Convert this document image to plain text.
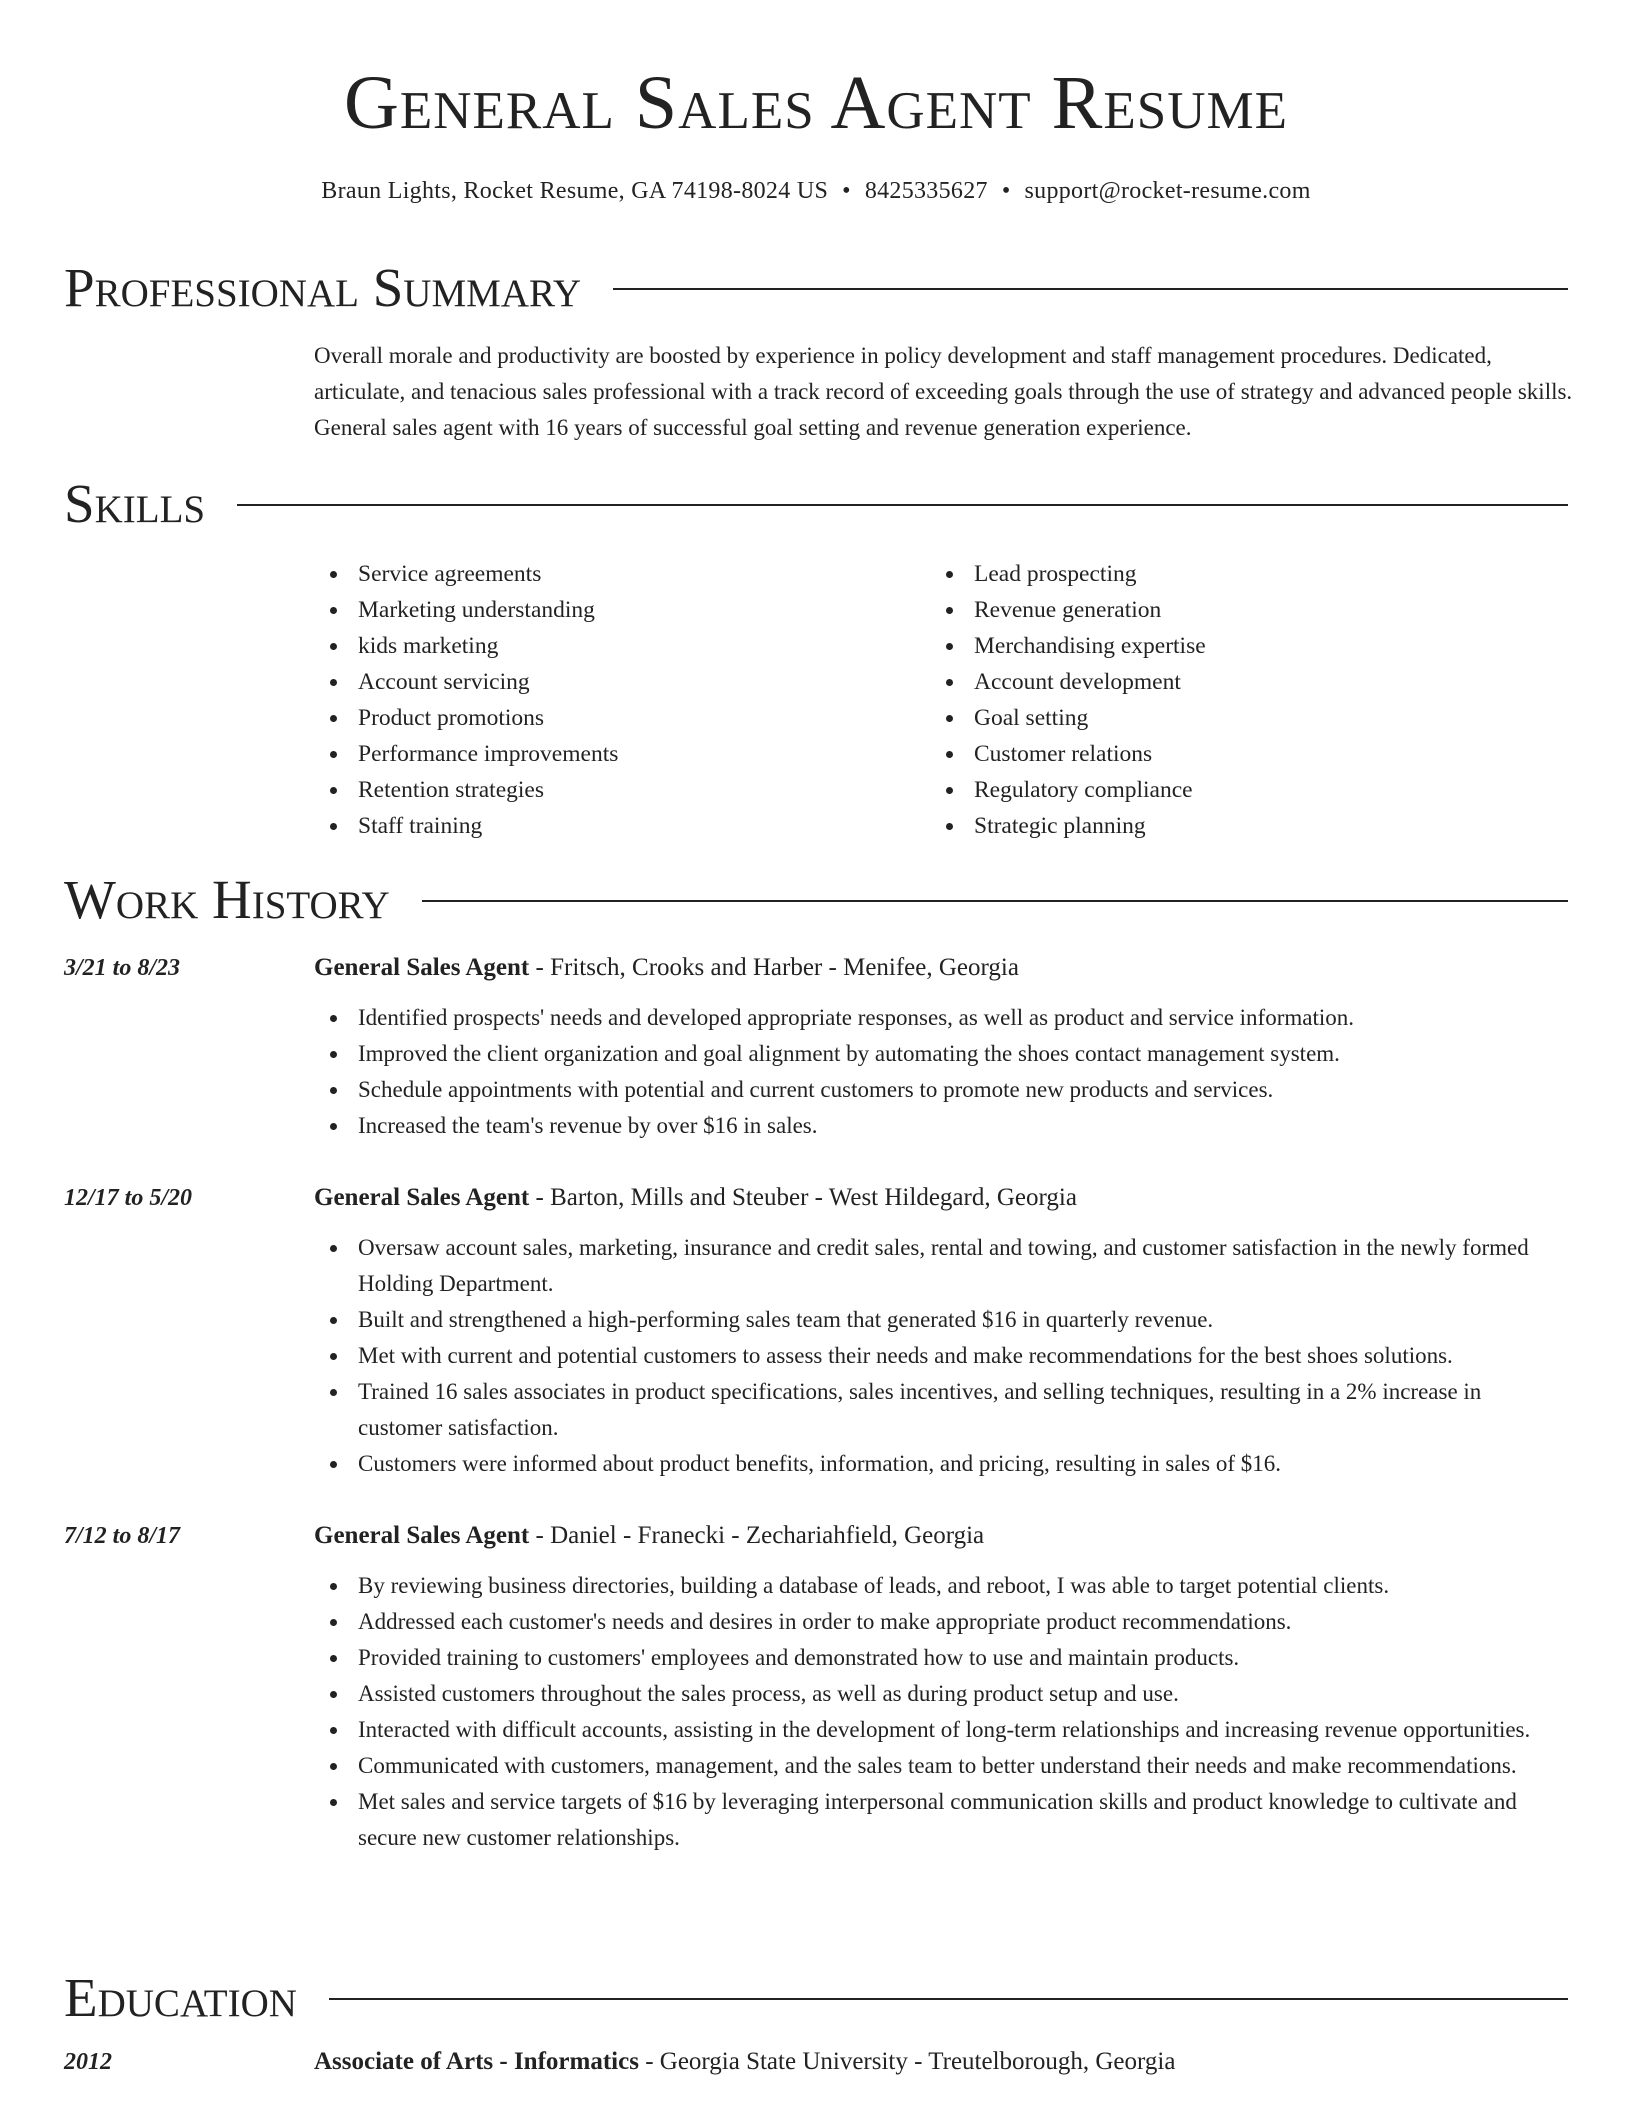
General Sales Agent Resume
Braun Lights, Rocket Resume, GA 74198-8024 US • 8425335627 • support@rocket-resume.com
Professional Summary
Overall morale and productivity are boosted by experience in policy development and staff management procedures. Dedicated, articulate, and tenacious sales professional with a track record of exceeding goals through the use of strategy and advanced people skills. General sales agent with 16 years of successful goal setting and revenue generation experience.
Skills
Service agreements
Marketing understanding
kids marketing
Account servicing
Product promotions
Performance improvements
Retention strategies
Staff training
Lead prospecting
Revenue generation
Merchandising expertise
Account development
Goal setting
Customer relations
Regulatory compliance
Strategic planning
Work History
3/21 to 8/23	General Sales Agent - Fritsch, Crooks and Harber - Menifee, Georgia
Identified prospects' needs and developed appropriate responses, as well as product and service information.
Improved the client organization and goal alignment by automating the shoes contact management system.
Schedule appointments with potential and current customers to promote new products and services.
Increased the team's revenue by over $16 in sales.
12/17 to 5/20	General Sales Agent - Barton, Mills and Steuber - West Hildegard, Georgia
Oversaw account sales, marketing, insurance and credit sales, rental and towing, and customer satisfaction in the newly formed Holding Department.
Built and strengthened a high-performing sales team that generated $16 in quarterly revenue.
Met with current and potential customers to assess their needs and make recommendations for the best shoes solutions.
Trained 16 sales associates in product specifications, sales incentives, and selling techniques, resulting in a 2% increase in customer satisfaction.
Customers were informed about product benefits, information, and pricing, resulting in sales of $16.
7/12 to 8/17	General Sales Agent - Daniel - Franecki - Zechariahfield, Georgia
By reviewing business directories, building a database of leads, and reboot, I was able to target potential clients.
Addressed each customer's needs and desires in order to make appropriate product recommendations.
Provided training to customers' employees and demonstrated how to use and maintain products.
Assisted customers throughout the sales process, as well as during product setup and use.
Interacted with difficult accounts, assisting in the development of long-term relationships and increasing revenue opportunities.
Communicated with customers, management, and the sales team to better understand their needs and make recommendations.
Met sales and service targets of $16 by leveraging interpersonal communication skills and product knowledge to cultivate and secure new customer relationships.
Education
2012	Associate of Arts - Informatics - Georgia State University - Treutelborough, Georgia
